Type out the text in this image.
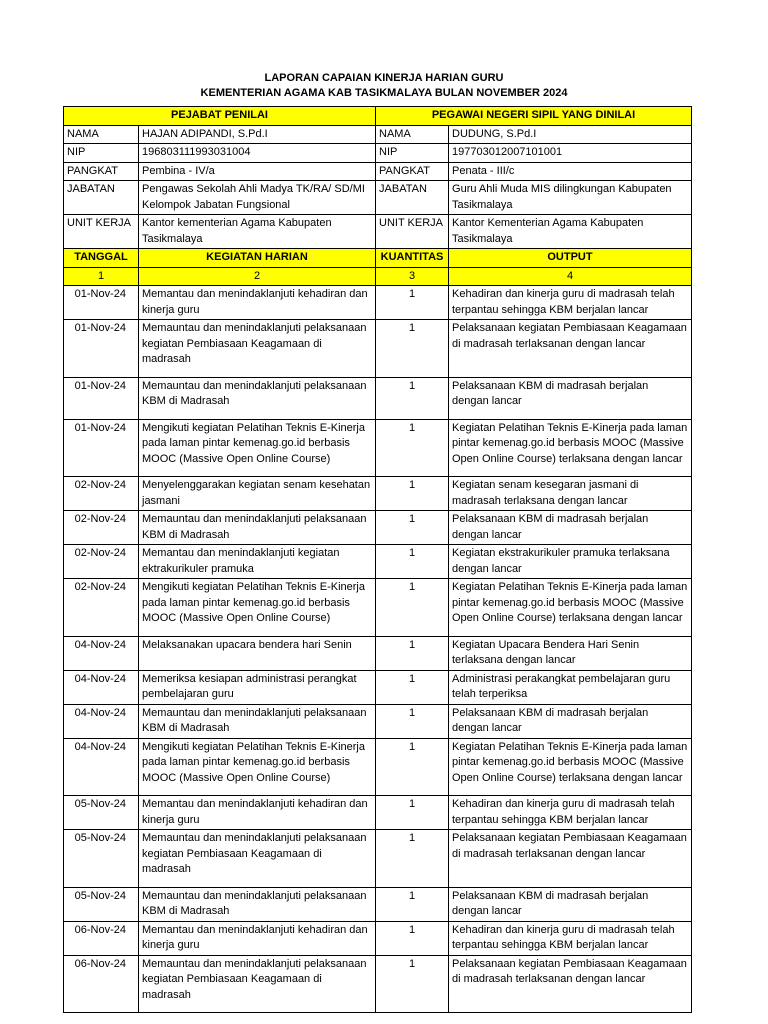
LAPORAN CAPAIAN KINERJA HARIAN GURU
KEMENTERIAN AGAMA KAB TASIKMALAYA BULAN NOVEMBER 2024
PEJABAT PENILAI		PEGAWAI NEGERI SIPIL YANG DINILAI	
NAMA	HAJAN ADIPANDI, S.Pd.I	NAMA	DUDUNG, S.Pd.I
NIP	196803111993031004	NIP	197703012007101001
PANGKAT	Pembina - IV/a	PANGKAT	Penata - III/c
JABATAN	Pengawas Sekolah Ahli Madya TK/RA/ SD/MI Kelompok Jabatan Fungsional	JABATAN	Guru Ahli Muda MIS dilingkungan Kabupaten Tasikmalaya
UNIT KERJA	Kantor kementerian Agama Kabupaten Tasikmalaya	UNIT KERJA	Kantor Kementerian Agama Kabupaten Tasikmalaya
TANGGAL	KEGIATAN HARIAN	KUANTITAS	OUTPUT
1	2	3	4
01-Nov-24	Memantau dan menindaklanjuti kehadiran dan kinerja guru	1	Kehadiran dan kinerja guru di madrasah telah terpantau sehingga KBM berjalan lancar
01-Nov-24	Memauntau dan menindaklanjuti pelaksanaan kegiatan Pembiasaan Keagamaan di madrasah	1	Pelaksanaan kegiatan Pembiasaan Keagamaan di madrasah terlaksanan dengan lancar
01-Nov-24	Memauntau dan menindaklanjuti pelaksanaan KBM di Madrasah	1	Pelaksanaan KBM di madrasah berjalan dengan lancar
01-Nov-24	Mengikuti kegiatan Pelatihan Teknis E-Kinerja pada laman pintar kemenag.go.id berbasis MOOC (Massive Open Online Course)	1	Kegiatan Pelatihan Teknis E-Kinerja pada laman pintar kemenag.go.id berbasis MOOC (Massive Open Online Course) terlaksana dengan lancar
02-Nov-24	Menyelenggarakan kegiatan senam kesehatan jasmani	1	Kegiatan senam kesegaran jasmani di madrasah terlaksana dengan lancar
02-Nov-24	Memauntau dan menindaklanjuti pelaksanaan KBM di Madrasah	1	Pelaksanaan KBM di madrasah berjalan dengan lancar
02-Nov-24	Memantau dan menindaklanjuti kegiatan ektrakurikuler pramuka	1	Kegiatan ekstrakurikuler pramuka terlaksana dengan lancar
02-Nov-24	Mengikuti kegiatan Pelatihan Teknis E-Kinerja pada laman pintar kemenag.go.id berbasis MOOC (Massive Open Online Course)	1	Kegiatan Pelatihan Teknis E-Kinerja pada laman pintar kemenag.go.id berbasis MOOC (Massive Open Online Course) terlaksana dengan lancar
04-Nov-24	Melaksanakan upacara bendera hari Senin	1	Kegiatan Upacara Bendera Hari Senin terlaksana dengan lancar
04-Nov-24	Memeriksa kesiapan administrasi perangkat pembelajaran guru	1	Administrasi perakangkat pembelajaran guru telah terperiksa
04-Nov-24	Memauntau dan menindaklanjuti pelaksanaan KBM di Madrasah	1	Pelaksanaan KBM di madrasah berjalan dengan lancar
04-Nov-24	Mengikuti kegiatan Pelatihan Teknis E-Kinerja pada laman pintar kemenag.go.id berbasis MOOC (Massive Open Online Course)	1	Kegiatan Pelatihan Teknis E-Kinerja pada laman pintar kemenag.go.id berbasis MOOC (Massive Open Online Course) terlaksana dengan lancar
05-Nov-24	Memantau dan menindaklanjuti kehadiran dan kinerja guru	1	Kehadiran dan kinerja guru di madrasah telah terpantau sehingga KBM berjalan lancar
05-Nov-24	Memauntau dan menindaklanjuti pelaksanaan kegiatan Pembiasaan Keagamaan di madrasah	1	Pelaksanaan kegiatan Pembiasaan Keagamaan di madrasah terlaksanan dengan lancar
05-Nov-24	Memauntau dan menindaklanjuti pelaksanaan KBM di Madrasah	1	Pelaksanaan KBM di madrasah berjalan dengan lancar
06-Nov-24	Memantau dan menindaklanjuti kehadiran dan kinerja guru	1	Kehadiran dan kinerja guru di madrasah telah terpantau sehingga KBM berjalan lancar
06-Nov-24	Memauntau dan menindaklanjuti pelaksanaan kegiatan Pembiasaan Keagamaan di madrasah	1	Pelaksanaan kegiatan Pembiasaan Keagamaan di madrasah terlaksanan dengan lancar
